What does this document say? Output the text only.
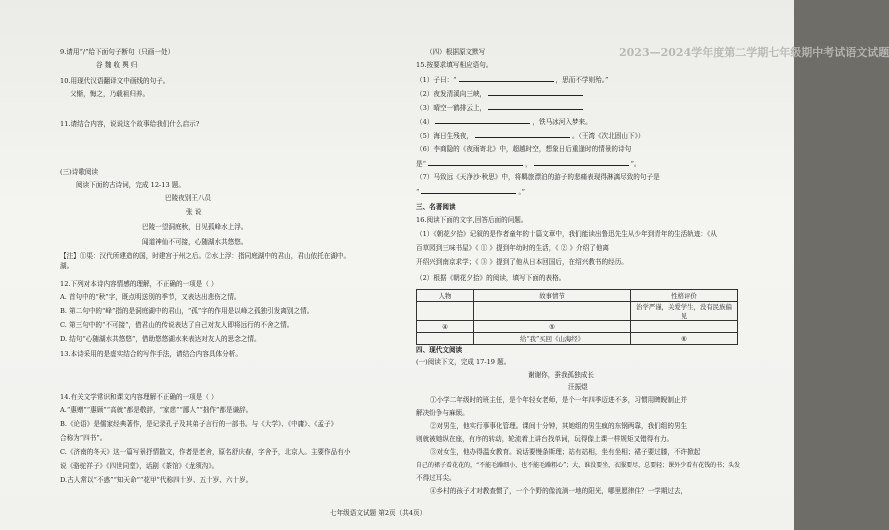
2023—2024学年度第二学期七年级期中考试语文试题
9.请用“/”给下面句子断句（只画一处）
谷 魏 收 舆 归
10.用现代汉语翻译文中画线的句子。
父惭，悔之，乃载祖归养。
11.请结合内容，说说这个故事给我们什么启示?
(三)诗歌阅读
阅读下面的古诗词，完成 12-13 题。
巴陵夜别王八员
张 说
巴陵一望洞庭秋，日见孤峰水上浮。
闻道神仙不可接，心随湖水共悠悠。
【注】①渠：汉代所建造的国，时建宫于州之后。②水上浮：指同庭湖中的君山，君山依托在湖中。
湖。
12.下列对本诗内容情感的理解，不正确的一项是（ ）
A. 首句中的“秋”字，既点明送别的季节，又表达出悲伤之情。
B. 第二句中的“峰”指的是洞庭湖中的君山，“孤”字的作用是以峰之孤独引发离别之情。
C. 第三句中的“不可接”，借君山的传说表达了自己对友人即将远行的不舍之情。
D. 结句“心随湖水共悠悠”，借助悠悠湖水来表达对友人的思念之情。
13.本诗采用的是虚实结合的写作手法，请结合内容具体分析。
14.有关文学常识和课文内容理解不正确的一项是（ ）
A.“惠赠”“惠顾”“高就”都是敬辞，“家慈”“鄙人”“拙作”都是谦辞。
B.《论语》是儒家经典著作，是记录孔子及其弟子言行的一部书。与《大学》、《中庸》、《孟子》
合称为“四书”。
C.《济南的冬天》这一篇写景抒情散文，作者是老舍，原名舒庆春，字舍予，北京人。主要作品有小
说《骆驼祥子》《四世同堂》，话剧《茶馆》《龙须沟》。
D.古人常以“不惑”“知天命”“花甲”代称四十岁、五十岁、六十岁。
（四）根据原文默写
15.按要求填写相应语句。
（1）子曰：“	，思而不学则殆。”
（2）夜发清溪向三峡，
（3）晴空一鹤排云上，
（4）	，铁马冰河入梦来。
（5）海日生残夜，	。（王湾《次北固山下》）
（6）李商隐的《夜雨寄北》中，超越时空，想象日后重逢时的情景的诗句
是“	，	”。
（7）马致远《天净沙·秋思》中，将羁旅漂泊的游子的悲痛表现得淋漓尽致的句子是
“	。”
三、名著阅读
16.阅读下面的文字,回答后面的问题。
（1）《朝花夕拾》记叙的是作者童年的十篇文章中，我们能读出鲁迅先生从少年到青年的生活轨迹：《从
百草园到三味书屋》《 ① 》提到年幼时的生活，《 ② 》介绍了他离
开绍兴到南京求学；《 ③ 》提到了他从日本回国后，在绍兴教书的经历。
（2）根据《朝花夕拾》的阅读，填写下面的表格。
人物	故事情节	性格评价
		治学严谨，关爱学生，没有民族偏见
④	⑤	
	给“我”买回《山海经》	⑥
四、现代文阅读
(一)阅读下文，完成 17-19 题。
谢谢你，蚕我孤独成长
汪振煜
①小学二年级时的班主任，是个年轻女老师，是个一年四季迈进不多，习惯用睥睨制止并
解决纷争与麻烦。
②对男生，他实行事事化管理。课间十分钟，其她组的男生疯的东钢两靠，我们组的男生
则就被她纵在座，有序的转动，轮流着上讲台找单词，玩得像上课一样规矩又错得有力。
③对女生，他办得温女教育。说话要慢条斯理；站有站相，坐有坐相；裙子要过膝，不许掀起
自己的裙子看花花的，“不能毛躁细小，也不能毛躁粗心”；大，谁没要坐，衣服要尽，总要轻；课外少看有花钱的书；头发
不得过耳尖。
④乡村的孩子才对教查惯了，一个个野的像流淌一地的阳光，哪里愿律住？一学期过去，
七年级语文试题 第2页（共4页）
